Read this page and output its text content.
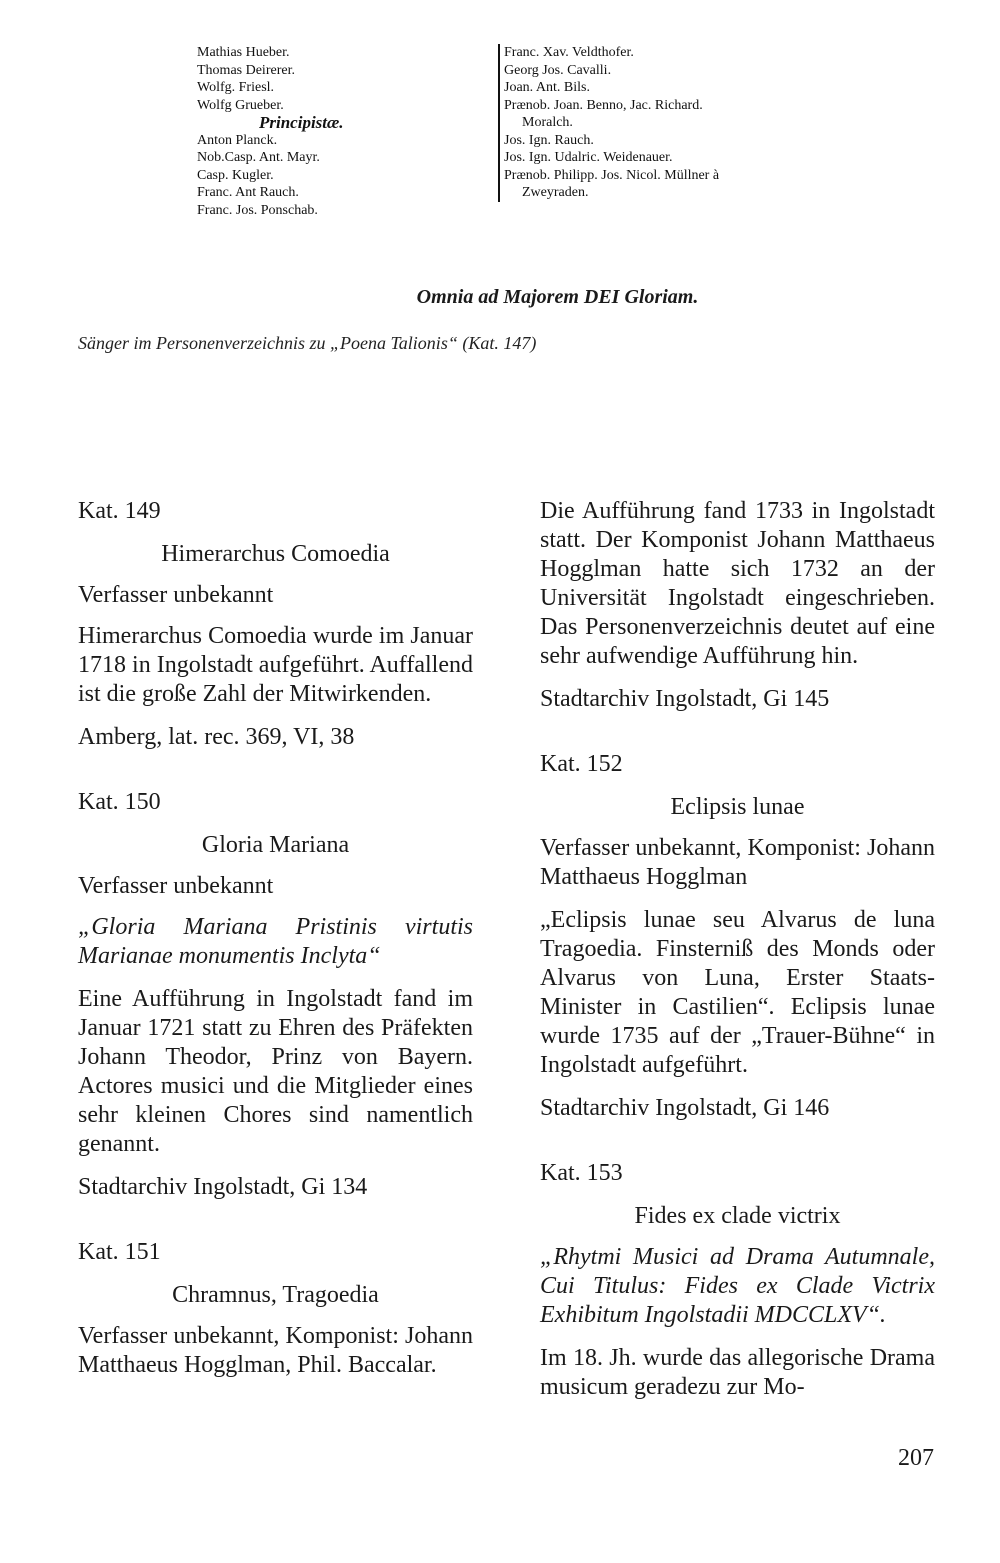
Mathias Hueber.
Thomas Deirerer.
Wolfg. Friesl.
Wolfg Grueber.
Principistæ.
Anton Planck.
Nob.Casp. Ant. Mayr.
Casp. Kugler.
Franc. Ant Rauch.
Franc. Jos. Ponschab.
Franc. Xav. Veldthofer.
Georg Jos. Cavalli.
Joan. Ant. Bils.
Prænob. Joan. Benno, Jac. Richard.
Moralch.
Jos. Ign. Rauch.
Jos. Ign. Udalric. Weidenauer.
Prænob. Philipp. Jos. Nicol. Müllner à
Zweyraden.
Omnia ad Majorem DEI Gloriam.
Sänger im Personenverzeichnis zu „Poena Talionis“ (Kat. 147)
Kat. 149
Himerarchus Comoedia
Verfasser unbekannt
Himerarchus Comoedia wurde im Januar 1718 in Ingolstadt aufgeführt. Auffallend ist die große Zahl der Mitwirkenden.
Amberg, lat. rec. 369, VI, 38
Kat. 150
Gloria Mariana
Verfasser unbekannt
„Gloria Mariana Pristinis virtutis Marianae monumentis Inclyta“
Eine Aufführung in Ingolstadt fand im Januar 1721 statt zu Ehren des Präfekten Johann Theodor, Prinz von Bayern. Actores musici und die Mitglieder eines sehr kleinen Chores sind namentlich genannt.
Stadtarchiv Ingolstadt, Gi 134
Kat. 151
Chramnus, Tragoedia
Verfasser unbekannt, Komponist: Johann Matthaeus Hogglman, Phil. Baccalar.
Die Aufführung fand 1733 in Ingolstadt statt. Der Komponist Johann Matthaeus Hogglman hatte sich 1732 an der Universität Ingolstadt eingeschrieben. Das Personenverzeichnis deutet auf eine sehr aufwendige Aufführung hin.
Stadtarchiv Ingolstadt, Gi 145
Kat. 152
Eclipsis lunae
Verfasser unbekannt, Komponist: Johann Matthaeus Hogglman
„Eclipsis lunae seu Alvarus de luna Tragoedia. Finsterniß des Monds oder Alvarus von Luna, Erster Staats-Minister in Castilien“. Eclipsis lunae wurde 1735 auf der „Trauer-Bühne“ in Ingolstadt aufgeführt.
Stadtarchiv Ingolstadt, Gi 146
Kat. 153
Fides ex clade victrix
„Rhytmi Musici ad Drama Autumnale, Cui Titulus: Fides ex Clade Victrix Exhibitum Ingolstadii MDCCLXV“.
Im 18. Jh. wurde das allegorische Drama musicum geradezu zur Mo-
207
